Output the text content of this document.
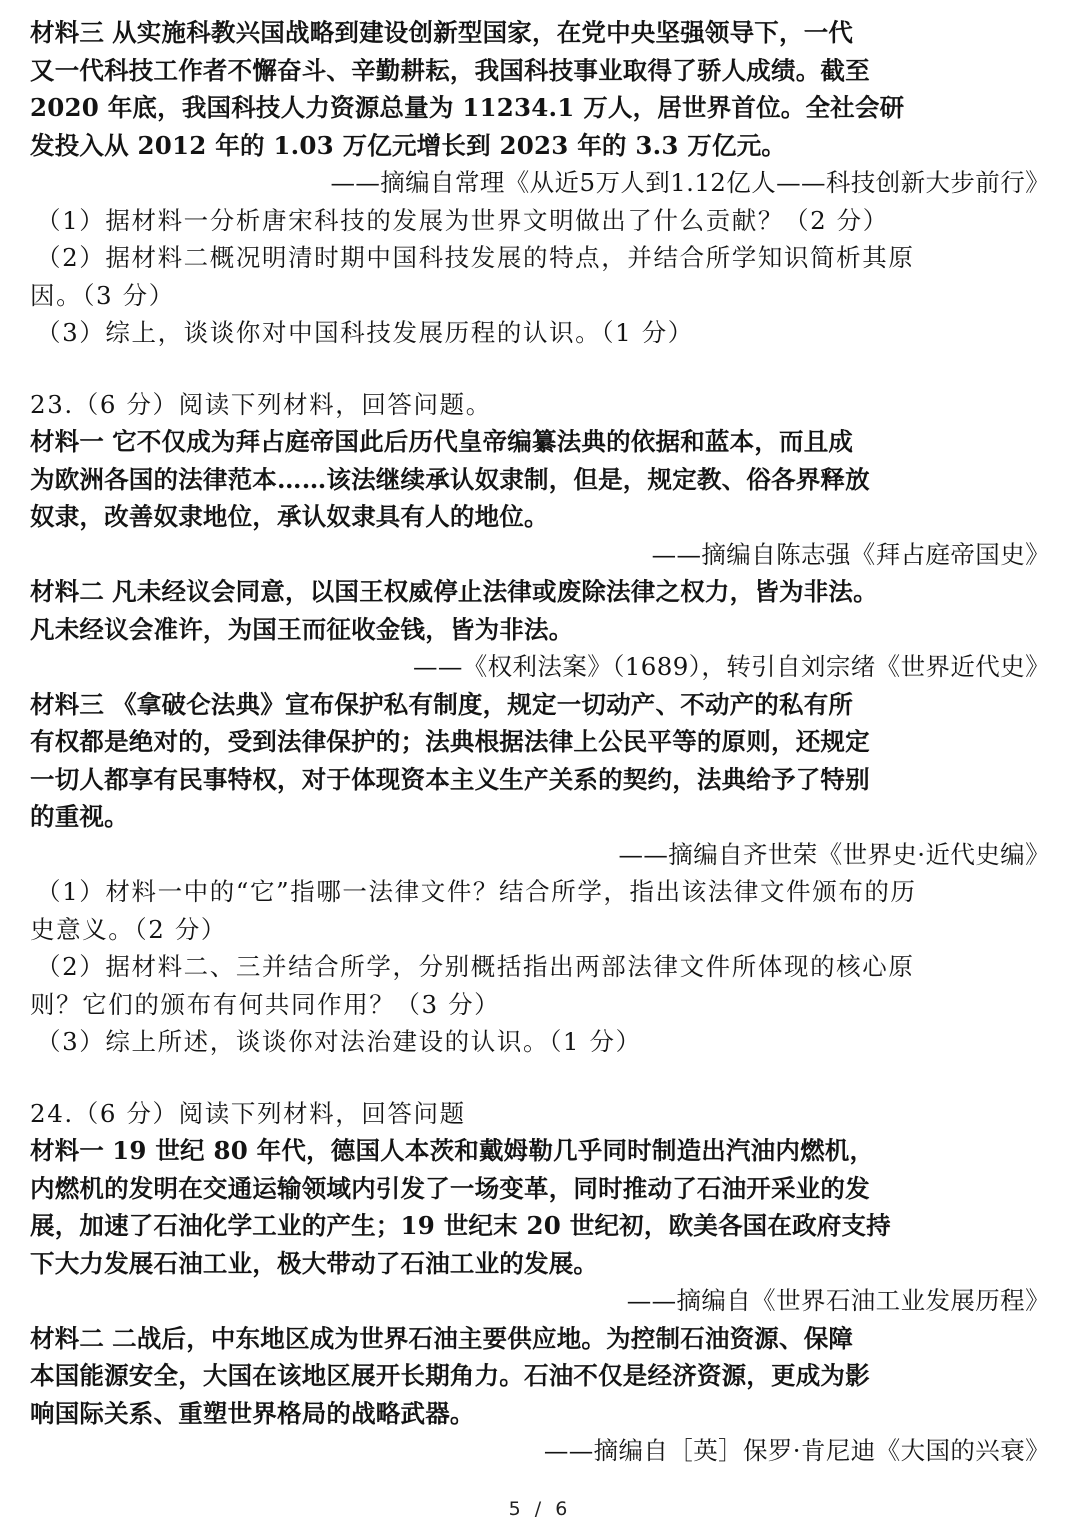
材料三 从实施科教兴国战略到建设创新型国家，在党中央坚强领导下，一代
又一代科技工作者不懈奋斗、辛勤耕耘，我国科技事业取得了骄人成绩。截至
2020 年底，我国科技人力资源总量为 11234.1 万人，居世界首位。全社会研
发投入从 2012 年的 1.03 万亿元增长到 2023 年的 3.3 万亿元。
——摘编自常理《从近5万人到1.12亿人——科技创新大步前行》
（1）据材料一分析唐宋科技的发展为世界文明做出了什么贡献？（2 分）
（2）据材料二概况明清时期中国科技发展的特点，并结合所学知识简析其原
因。（3 分）
（3）综上，谈谈你对中国科技发展历程的认识。（1 分）
23.（6 分）阅读下列材料，回答问题。
材料一 它不仅成为拜占庭帝国此后历代皇帝编纂法典的依据和蓝本，而且成
为欧洲各国的法律范本……该法继续承认奴隶制，但是，规定教、俗各界释放
奴隶，改善奴隶地位，承认奴隶具有人的地位。
——摘编自陈志强《拜占庭帝国史》
材料二 凡未经议会同意，以国王权威停止法律或废除法律之权力，皆为非法。
凡未经议会准许，为国王而征收金钱，皆为非法。
——《权利法案》（1689），转引自刘宗绪《世界近代史》
材料三 《拿破仑法典》宣布保护私有制度，规定一切动产、不动产的私有所
有权都是绝对的，受到法律保护的；法典根据法律上公民平等的原则，还规定
一切人都享有民事特权，对于体现资本主义生产关系的契约，法典给予了特别
的重视。
——摘编自齐世荣《世界史·近代史编》
（1）材料一中的“它”指哪一法律文件？结合所学，指出该法律文件颁布的历
史意义。（2 分）
（2）据材料二、三并结合所学，分别概括指出两部法律文件所体现的核心原
则？它们的颁布有何共同作用？（3 分）
（3）综上所述，谈谈你对法治建设的认识。（1 分）
24.（6 分）阅读下列材料，回答问题
材料一 19 世纪 80 年代，德国人本茨和戴姆勒几乎同时制造出汽油内燃机，
内燃机的发明在交通运输领域内引发了一场变革，同时推动了石油开采业的发
展，加速了石油化学工业的产生；19 世纪末 20 世纪初，欧美各国在政府支持
下大力发展石油工业，极大带动了石油工业的发展。
——摘编自《世界石油工业发展历程》
材料二 二战后，中东地区成为世界石油主要供应地。为控制石油资源、保障
本国能源安全，大国在该地区展开长期角力。石油不仅是经济资源，更成为影
响国际关系、重塑世界格局的战略武器。
——摘编自［英］保罗·肯尼迪《大国的兴衰》
5 / 6
